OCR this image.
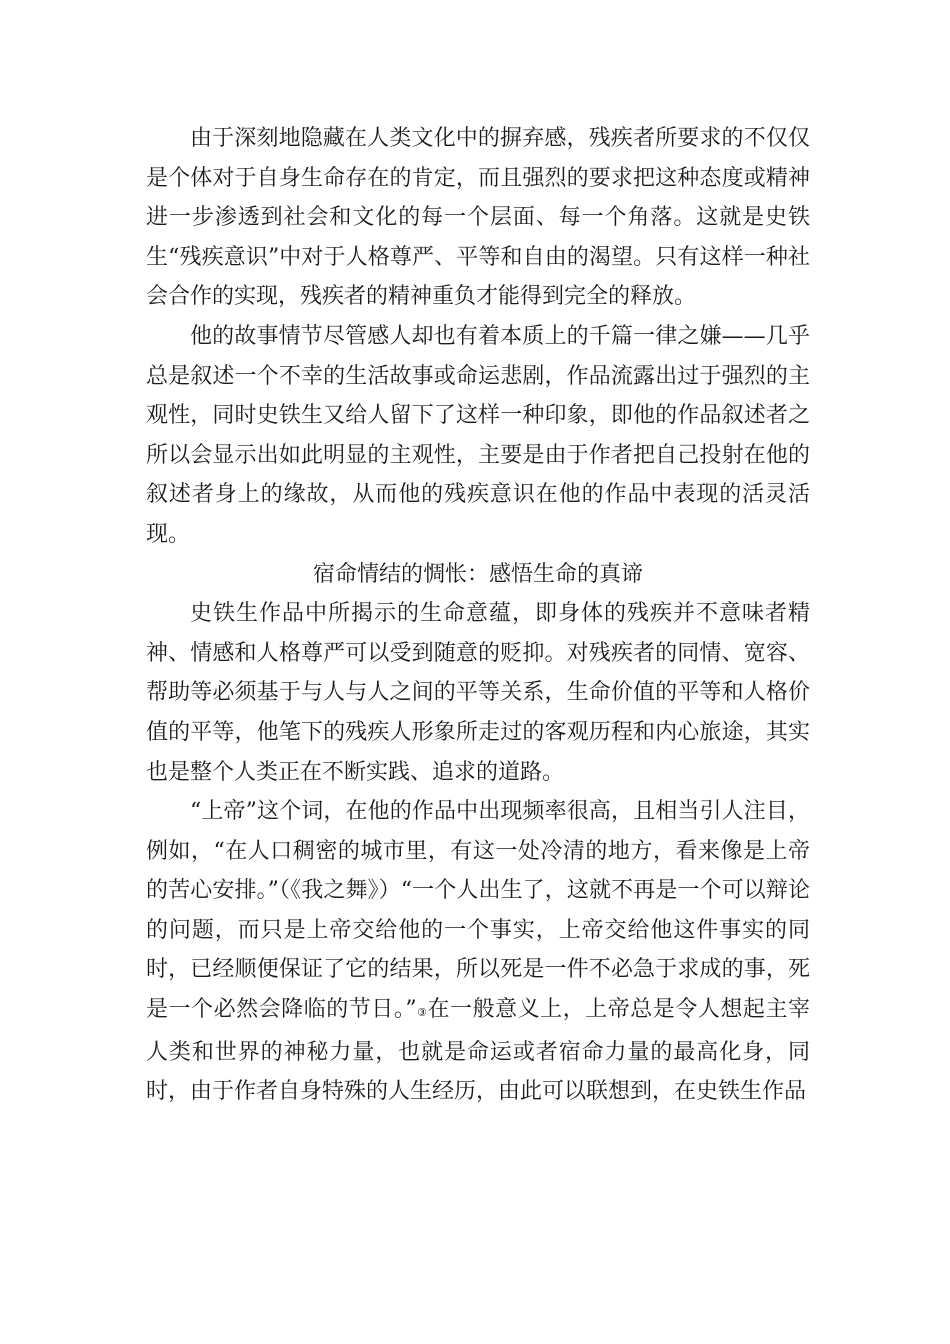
由于深刻地隐藏在人类文化中的摒弃感，残疾者所要求的不仅仅是个体对于自身生命存在的肯定，而且强烈的要求把这种态度或精神进一步渗透到社会和文化的每一个层面、每一个角落。这就是史铁生“残疾意识”中对于人格尊严、平等和自由的渴望。只有这样一种社会合作的实现，残疾者的精神重负才能得到完全的释放。

他的故事情节尽管感人却也有着本质上的千篇一律之嫌——几乎总是叙述一个不幸的生活故事或命运悲剧，作品流露出过于强烈的主观性，同时史铁生又给人留下了这样一种印象，即他的作品叙述者之所以会显示出如此明显的主观性，主要是由于作者把自己投射在他的叙述者身上的缘故，从而他的残疾意识在他的作品中表现的活灵活现。

宿命情结的惆怅：感悟生命的真谛

史铁生作品中所揭示的生命意蕴，即身体的残疾并不意味者精神、情感和人格尊严可以受到随意的贬抑。对残疾者的同情、宽容、帮助等必须基于与人与人之间的平等关系，生命价值的平等和人格价值的平等，他笔下的残疾人形象所走过的客观历程和内心旅途，其实也是整个人类正在不断实践、追求的道路。

“上帝”这个词，在他的作品中出现频率很高，且相当引人注目，例如，“在人口稠密的城市里，有这一处冷清的地方，看来像是上帝的苦心安排。”（《我之舞》）“一个人出生了，这就不再是一个可以辩论的问题，而只是上帝交给他的一个事实，上帝交给他这件事实的同时，已经顺便保证了它的结果，所以死是一件不必急于求成的事，死是一个必然会降临的节日。”③在一般意义上，上帝总是令人想起主宰人类和世界的神秘力量，也就是命运或者宿命力量的最高化身，同时，由于作者自身特殊的人生经历，由此可以联想到，在史铁生作品
